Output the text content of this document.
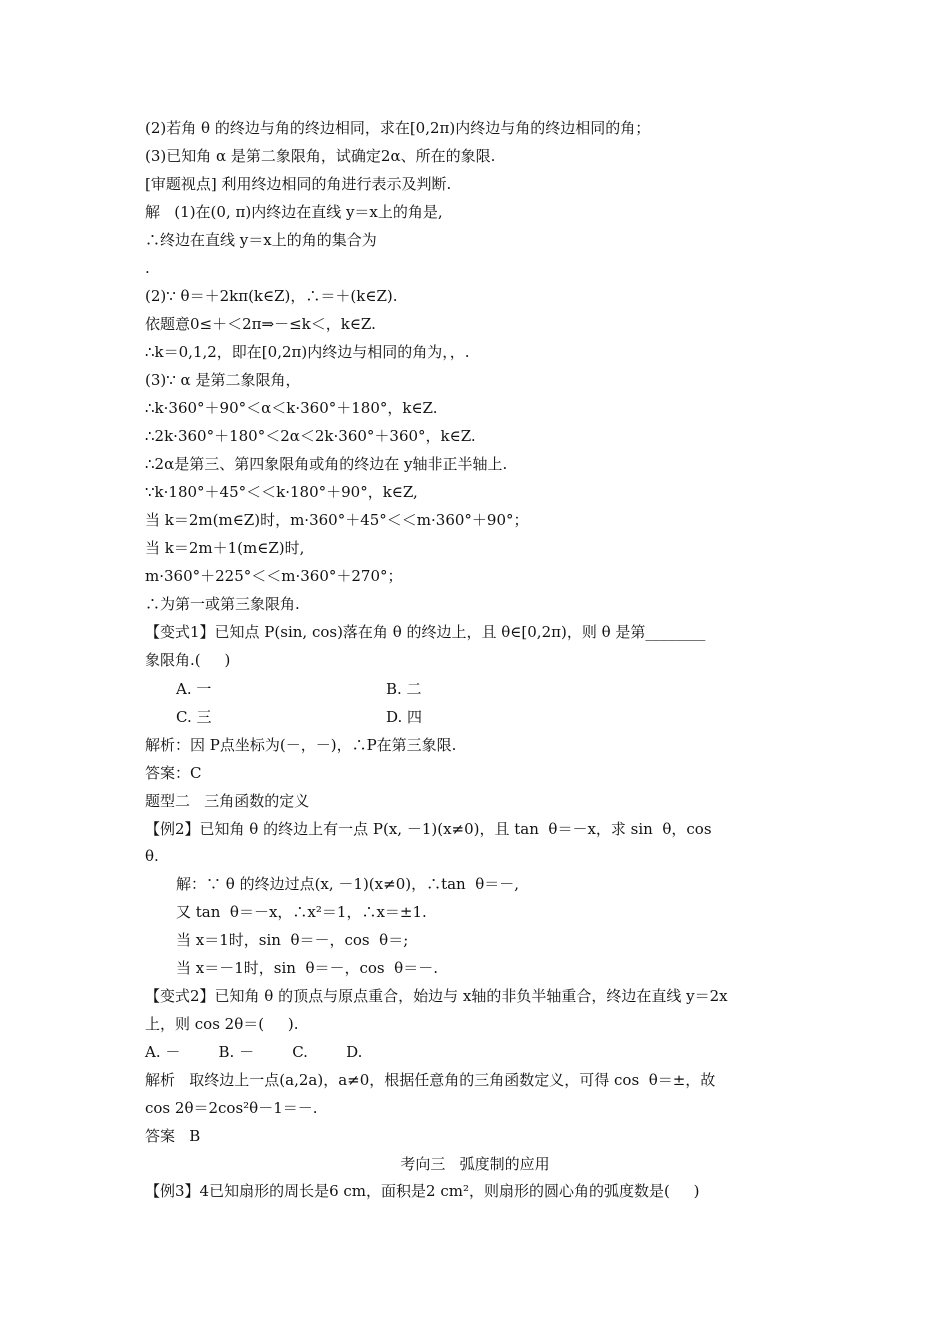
(2)若角 θ 的终边与角的终边相同，求在[0,2π)内终边与角的终边相同的角；
(3)已知角 α 是第二象限角，试确定2α、所在的象限.
[审题视点] 利用终边相同的角进行表示及判断.
解   (1)在(0, π)内终边在直线 y＝x上的角是,
∴终边在直线 y＝x上的角的集合为
.
(2)∵ θ＝＋2kπ(k∈Z)，∴＝＋(k∈Z).
依题意0≤＋＜2π⇒－≤k＜，k∈Z.
∴k＝0,1,2，即在[0,2π)内终边与相同的角为，，.
(3)∵ α 是第二象限角，
∴k·360°＋90°＜α＜k·360°＋180°，k∈Z.
∴2k·360°＋180°＜2α＜2k·360°＋360°，k∈Z.
∴2α是第三、第四象限角或角的终边在 y轴非正半轴上.
∵k·180°＋45°＜＜k·180°＋90°，k∈Z,
当 k＝2m(m∈Z)时，m·360°＋45°＜＜m·360°＋90°；
当 k＝2m＋1(m∈Z)时,
m·360°＋225°＜＜m·360°＋270°；
∴为第一或第三象限角.
【变式1】已知点 P(sin, cos)落在角 θ 的终边上，且 θ∈[0,2π)，则 θ 是第________
象限角.(     )
A. 一	B. 二
C. 三	D. 四
解析：因 P点坐标为(－，－)，∴P在第三象限.
答案：C
题型二   三角函数的定义
【例2】已知角 θ 的终边上有一点 P(x, －1)(x≠0)，且 tan  θ＝－x，求 sin  θ，cos
θ.
解：∵ θ 的终边过点(x, －1)(x≠0)，∴tan  θ＝－,
又 tan  θ＝－x，∴x²＝1，∴x＝±1.
当 x＝1时，sin  θ＝－，cos  θ＝;
当 x＝－1时，sin  θ＝－，cos  θ＝－.
【变式2】已知角 θ 的顶点与原点重合，始边与 x轴的非负半轴重合，终边在直线 y＝2x
上，则 cos 2θ＝(     ).
A. －        B. －        C.        D.
解析   取终边上一点(a,2a)，a≠0，根据任意角的三角函数定义，可得 cos  θ＝±，故
cos 2θ＝2cos²θ－1＝－.
答案   B
考向三   弧度制的应用
【例3】4已知扇形的周长是6 cm，面积是2 cm²，则扇形的圆心角的弧度数是(     )
